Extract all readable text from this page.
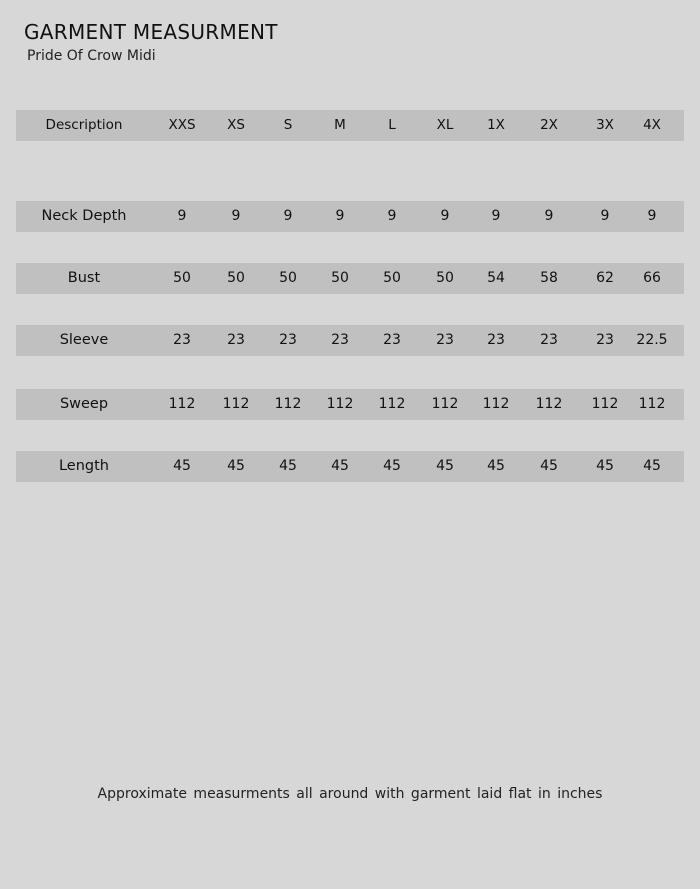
GARMENT MEASURMENT
Pride Of Crow Midi
Description	XXS	XS	S	M	L	XL	1X	2X	3X	4X
Neck Depth	9	9	9	9	9	9	9	9	9	9
Bust	50	50	50	50	50	50	54	58	62	66
Sleeve	23	23	23	23	23	23	23	23	23	22.5
Sweep	112	112	112	112	112	112	112	112	112	112
Length	45	45	45	45	45	45	45	45	45	45
Approximate measurments all around with garment laid flat in inches
